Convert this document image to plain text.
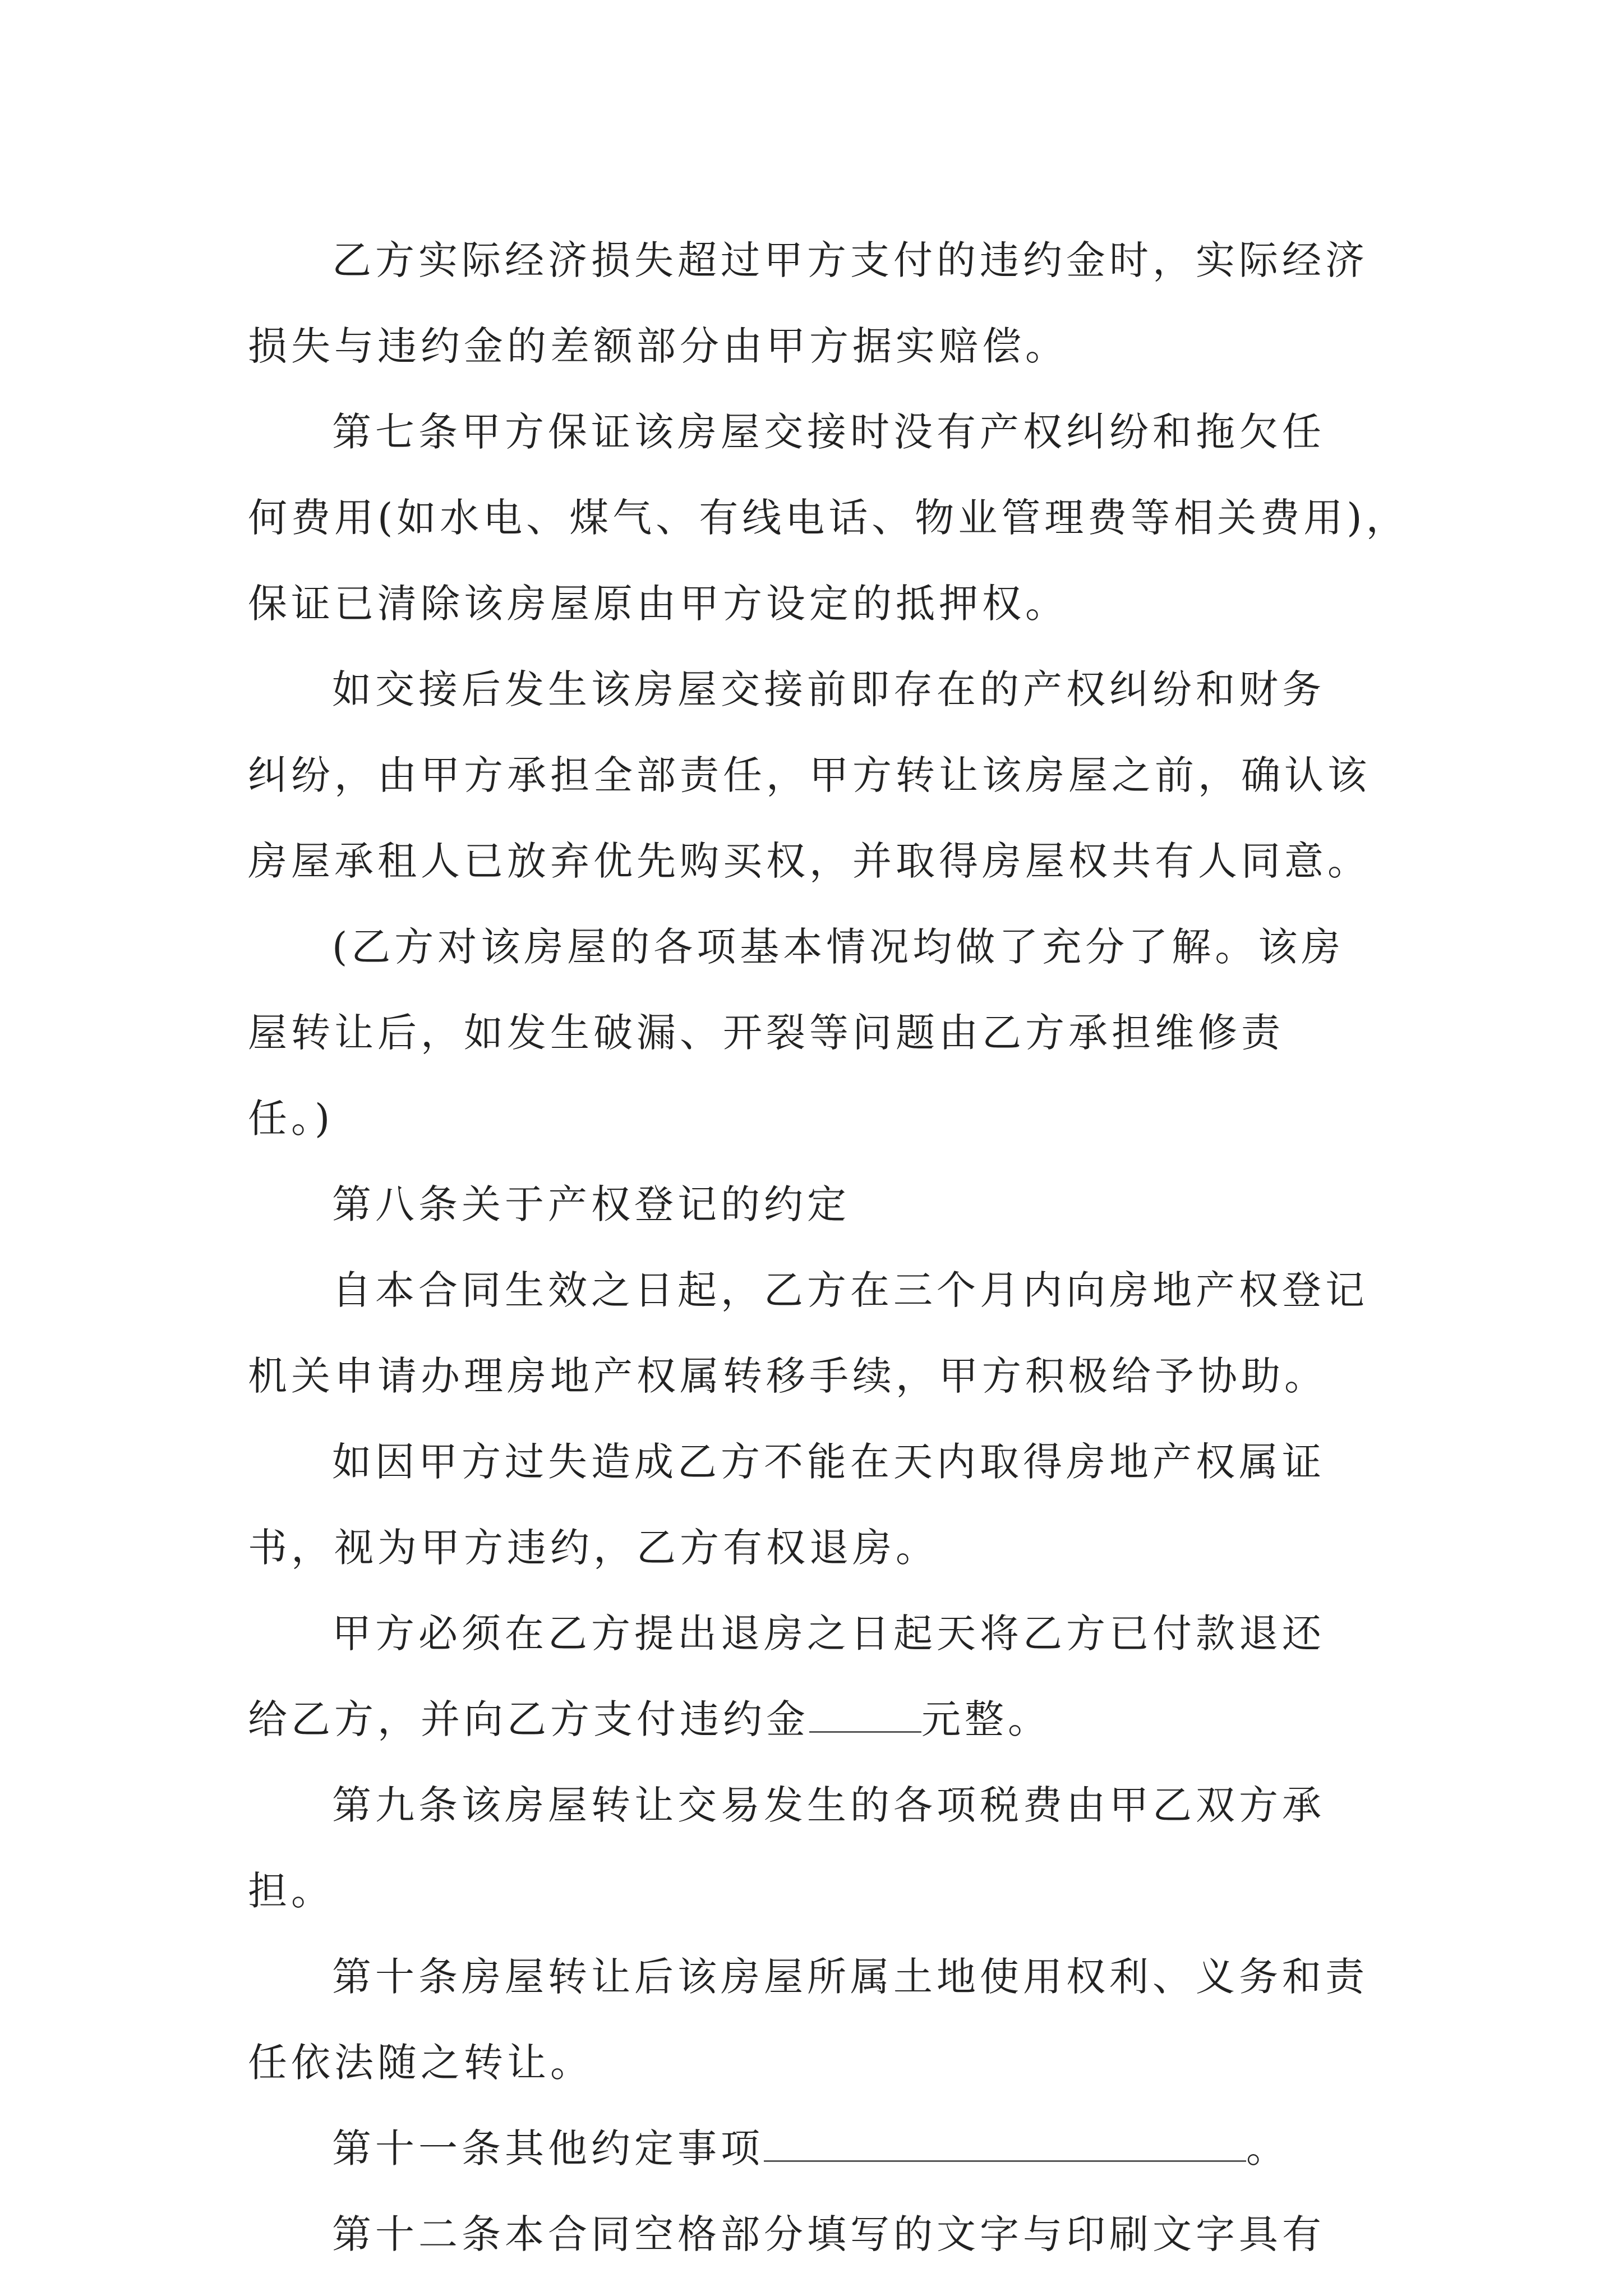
乙方实际经济损失超过甲方支付的违约金时，实际经济
损失与违约金的差额部分由甲方据实赔偿。
第七条甲方保证该房屋交接时没有产权纠纷和拖欠任
何费用(如水电、煤气、有线电话、物业管理费等相关费用)，
保证已清除该房屋原由甲方设定的抵押权。
如交接后发生该房屋交接前即存在的产权纠纷和财务
纠纷，由甲方承担全部责任，甲方转让该房屋之前，确认该
房屋承租人已放弃优先购买权，并取得房屋权共有人同意。
(乙方对该房屋的各项基本情况均做了充分了解。该房
屋转让后，如发生破漏、开裂等问题由乙方承担维修责
任。)
第八条关于产权登记的约定
自本合同生效之日起，乙方在三个月内向房地产权登记
机关申请办理房地产权属转移手续，甲方积极给予协助。
如因甲方过失造成乙方不能在天内取得房地产权属证
书，视为甲方违约，乙方有权退房。
甲方必须在乙方提出退房之日起天将乙方已付款退还
给乙方，并向乙方支付违约金	元整。
第九条该房屋转让交易发生的各项税费由甲乙双方承
担。
第十条房屋转让后该房屋所属土地使用权利、义务和责
任依法随之转让。
第十一条其他约定事项	。
第十二条本合同空格部分填写的文字与印刷文字具有
